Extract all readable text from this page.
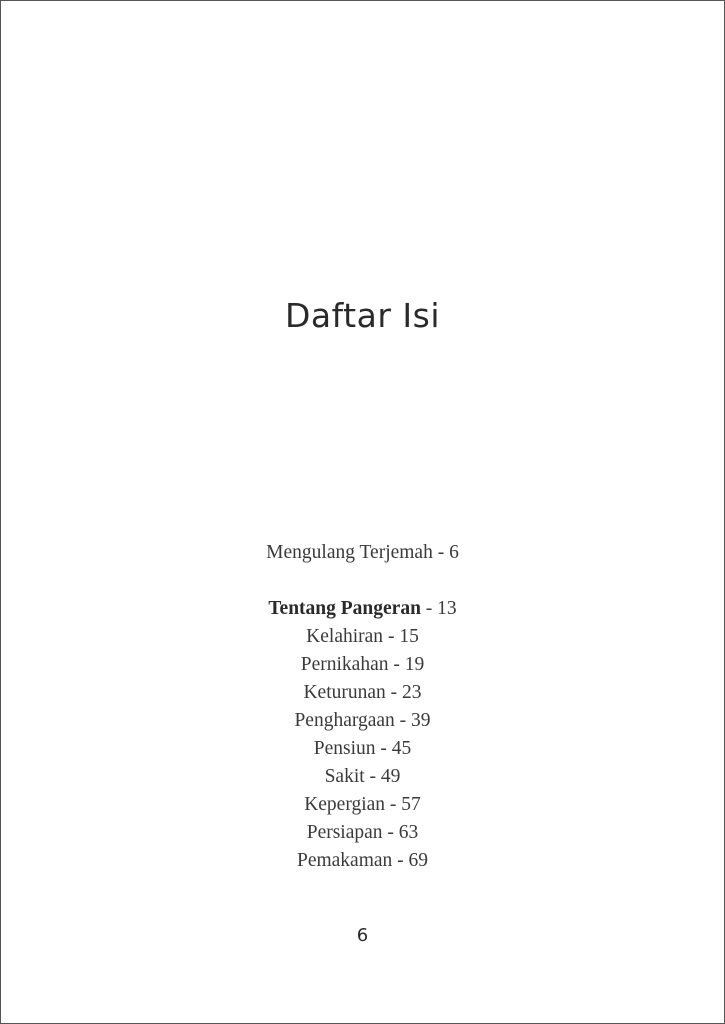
Daftar Isi
Mengulang Terjemah - 6
Tentang Pangeran - 13
Kelahiran - 15
Pernikahan - 19
Keturunan - 23
Penghargaan - 39
Pensiun - 45
Sakit - 49
Kepergian - 57
Persiapan - 63
Pemakaman - 69
6
